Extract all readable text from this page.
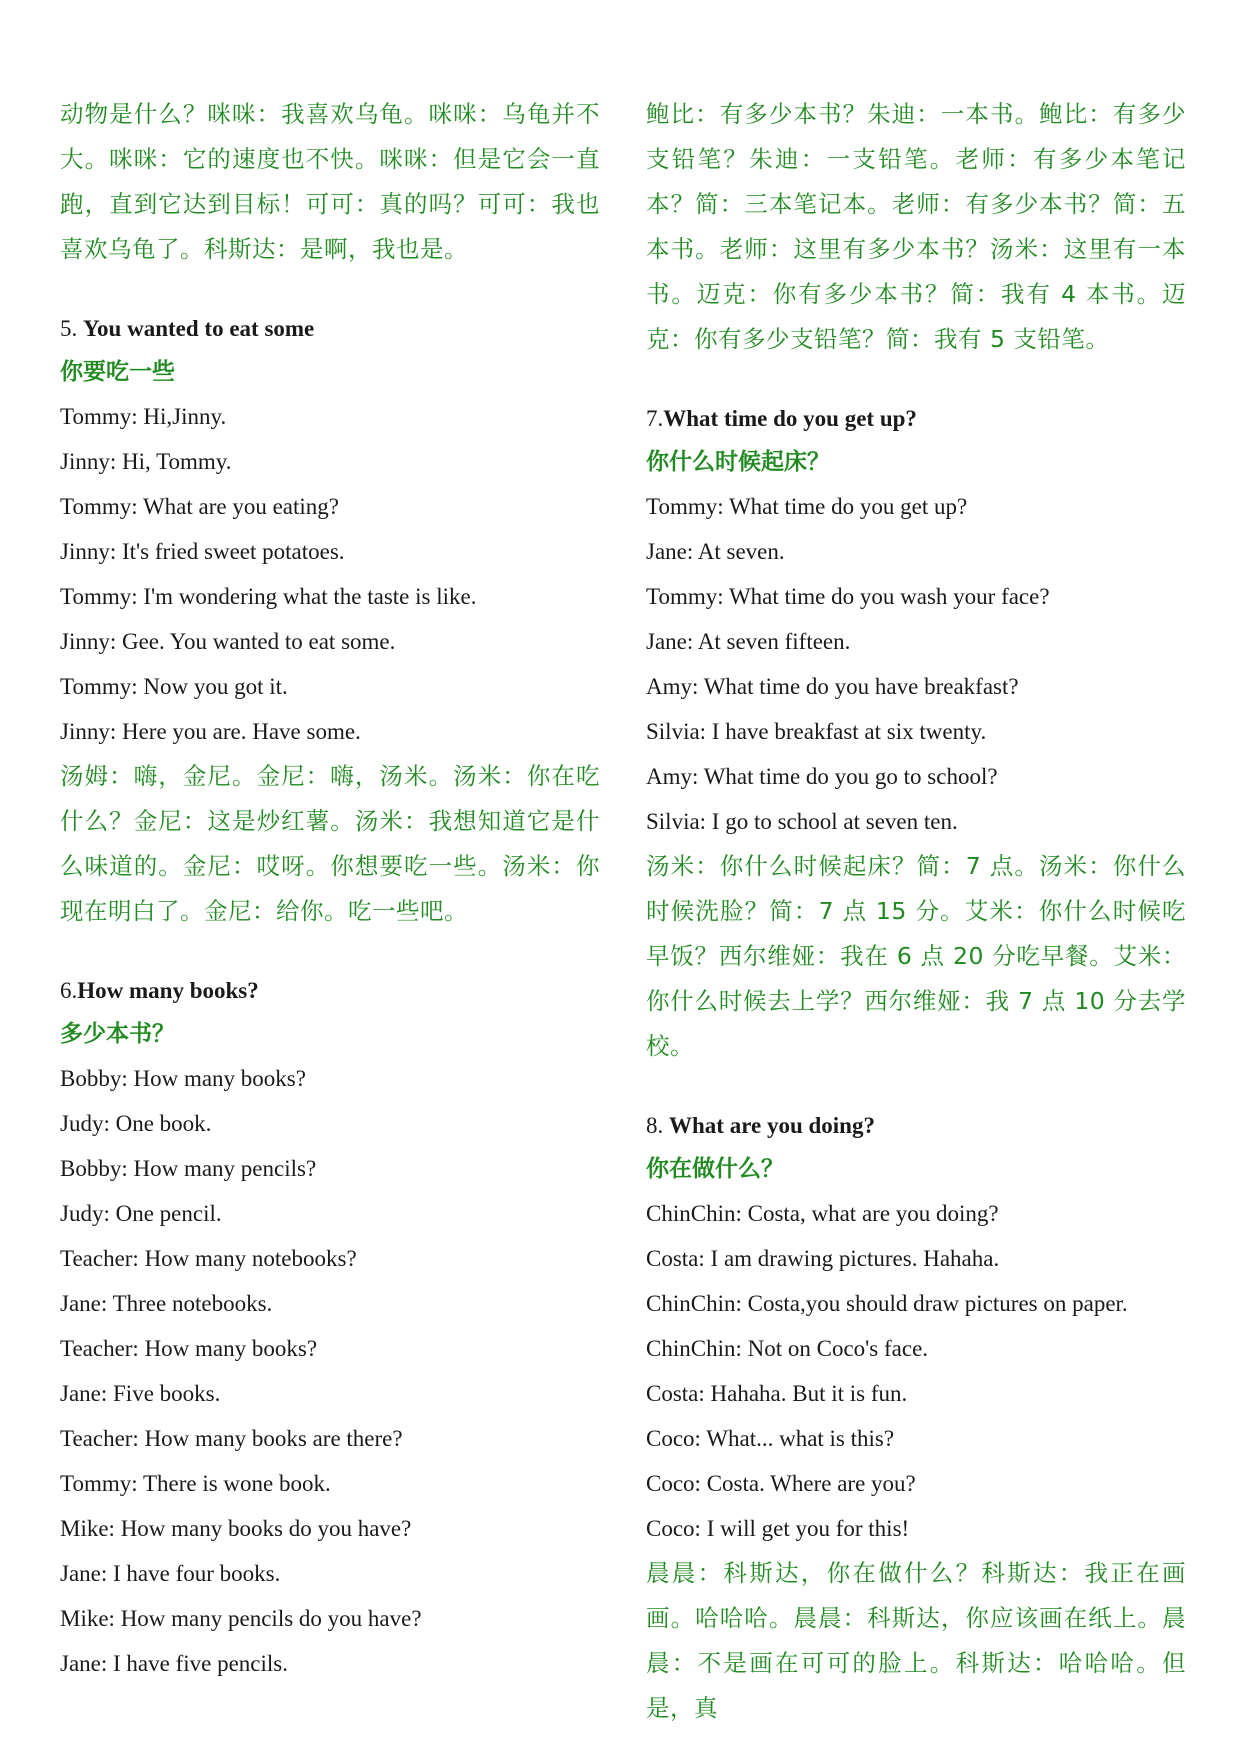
动物是什么？咪咪：我喜欢乌龟。咪咪：乌龟并不大。咪咪：它的速度也不快。咪咪：但是它会一直跑，直到它达到目标！可可：真的吗？可可：我也喜欢乌龟了。科斯达：是啊，我也是。

5. You wanted to eat some

你要吃一些

Tommy: Hi,Jinny.

Jinny: Hi, Tommy.

Tommy: What are you eating?

Jinny: It's fried sweet potatoes.

Tommy: I'm wondering what the taste is like.

Jinny: Gee. You wanted to eat some.

Tommy: Now you got it.

Jinny: Here you are. Have some.

汤姆：嗨，金尼。金尼：嗨，汤米。汤米：你在吃什么？金尼：这是炒红薯。汤米：我想知道它是什么味道的。金尼：哎呀。你想要吃一些。汤米：你现在明白了。金尼：给你。吃一些吧。

6.How many books?

多少本书？

Bobby: How many books?

Judy: One book.

Bobby: How many pencils?

Judy: One pencil.

Teacher: How many notebooks?

Jane: Three notebooks.

Teacher: How many books?

Jane: Five books.

Teacher: How many books are there?

Tommy: There is wone book.

Mike: How many books do you have?

Jane: I have four books.

Mike: How many pencils do you have?

Jane: I have five pencils.

鲍比：有多少本书？朱迪：一本书。鲍比：有多少支铅笔？朱迪：一支铅笔。老师：有多少本笔记本？简：三本笔记本。老师：有多少本书？简：五本书。老师：这里有多少本书？汤米：这里有一本书。迈克：你有多少本书？简：我有 4 本书。迈克：你有多少支铅笔？简：我有 5 支铅笔。

7.What time do you get up?

你什么时候起床？

Tommy: What time do you get up?

Jane: At seven.

Tommy: What time do you wash your face?

Jane: At seven fifteen.

Amy: What time do you have breakfast?

Silvia: I have breakfast at six twenty.

Amy: What time do you go to school?

Silvia: I go to school at seven ten.

汤米：你什么时候起床？简：7 点。汤米：你什么时候洗脸？简：7 点 15 分。艾米：你什么时候吃早饭？西尔维娅：我在 6 点 20 分吃早餐。艾米：你什么时候去上学？西尔维娅：我 7 点 10 分去学校。

8. What are you doing?

你在做什么？

ChinChin: Costa, what are you doing?

Costa: I am drawing pictures. Hahaha.

ChinChin: Costa,you should draw pictures on paper.

ChinChin: Not on Coco's face.

Costa: Hahaha. But it is fun.

Coco: What... what is this?

Coco: Costa. Where are you?

Coco: I will get you for this!

晨晨：科斯达，你在做什么？科斯达：我正在画画。哈哈哈。晨晨：科斯达，你应该画在纸上。晨晨：不是画在可可的脸上。科斯达：哈哈哈。但是，真
